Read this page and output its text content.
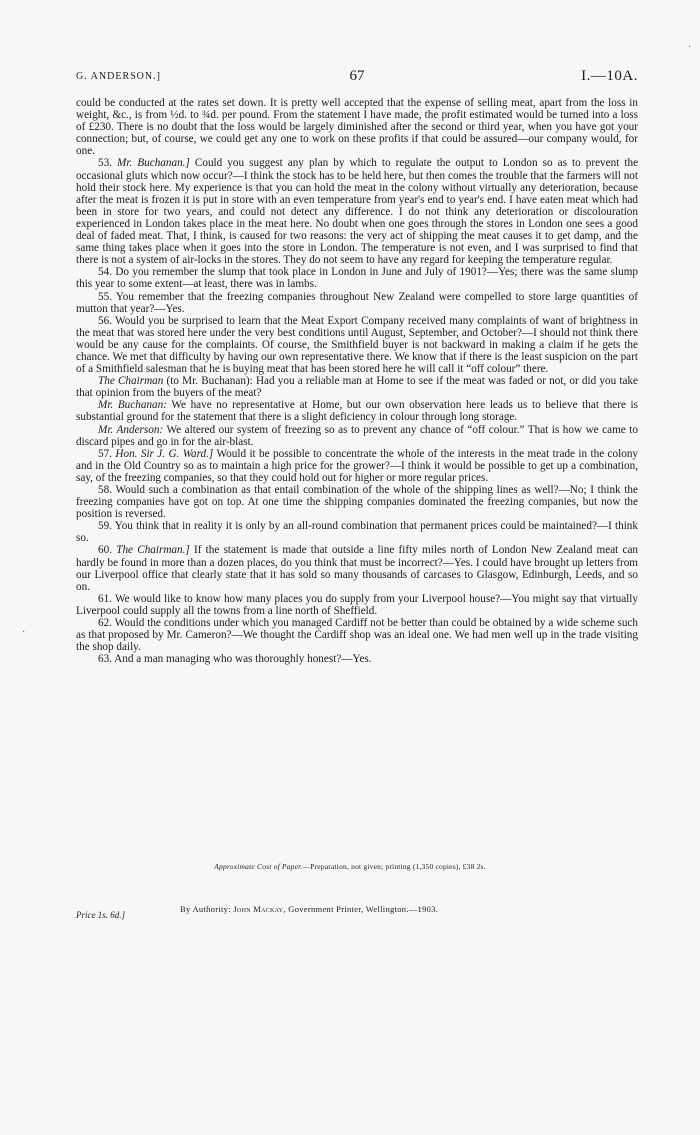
G. ANDERSON.]	67	I.—10A.

could be conducted at the rates set down. It is pretty well accepted that the expense of selling meat, apart from the loss in weight, &c., is from ½d. to ¾d. per pound. From the statement I have made, the profit estimated would be turned into a loss of £230. There is no doubt that the loss would be largely diminished after the second or third year, when you have got your connection; but, of course, we could get any one to work on these profits if that could be assured—our company would, for one.

53. Mr. Buchanan.] Could you suggest any plan by which to regulate the output to London so as to prevent the occasional gluts which now occur?—I think the stock has to be held here, but then comes the trouble that the farmers will not hold their stock here. My experience is that you can hold the meat in the colony without virtually any deterioration, because after the meat is frozen it is put in store with an even temperature from year's end to year's end. I have eaten meat which had been in store for two years, and could not detect any difference. I do not think any deterioration or discolouration experienced in London takes place in the meat here. No doubt when one goes through the stores in London one sees a good deal of faded meat. That, I think, is caused for two reasons: the very act of shipping the meat causes it to get damp, and the same thing takes place when it goes into the store in London. The temperature is not even, and I was surprised to find that there is not a system of air-locks in the stores. They do not seem to have any regard for keeping the temperature regular.

54. Do you remember the slump that took place in London in June and July of 1901?—Yes; there was the same slump this year to some extent—at least, there was in lambs.

55. You remember that the freezing companies throughout New Zealand were compelled to store large quantities of mutton that year?—Yes.

56. Would you be surprised to learn that the Meat Export Company received many complaints of want of brightness in the meat that was stored here under the very best conditions until August, September, and October?—I should not think there would be any cause for the complaints. Of course, the Smithfield buyer is not backward in making a claim if he gets the chance. We met that difficulty by having our own representative there. We know that if there is the least suspicion on the part of a Smithfield salesman that he is buying meat that has been stored here he will call it “off colour” there.

The Chairman (to Mr. Buchanan): Had you a reliable man at Home to see if the meat was faded or not, or did you take that opinion from the buyers of the meat?

Mr. Buchanan: We have no representative at Home, but our own observation here leads us to believe that there is substantial ground for the statement that there is a slight deficiency in colour through long storage.

Mr. Anderson: We altered our system of freezing so as to prevent any chance of “off colour.” That is how we came to discard pipes and go in for the air-blast.

57. Hon. Sir J. G. Ward.] Would it be possible to concentrate the whole of the interests in the meat trade in the colony and in the Old Country so as to maintain a high price for the grower?—I think it would be possible to get up a combination, say, of the freezing companies, so that they could hold out for higher or more regular prices.

58. Would such a combination as that entail combination of the whole of the shipping lines as well?—No; I think the freezing companies have got on top. At one time the shipping companies dominated the freezing companies, but now the position is reversed.

59. You think that in reality it is only by an all-round combination that permanent prices could be maintained?—I think so.

60. The Chairman.] If the statement is made that outside a line fifty miles north of London New Zealand meat can hardly be found in more than a dozen places, do you think that must be incorrect?—Yes. I could have brought up letters from our Liverpool office that clearly state that it has sold so many thousands of carcases to Glasgow, Edinburgh, Leeds, and so on.

61. We would like to know how many places you do supply from your Liverpool house?—You might say that virtually Liverpool could supply all the towns from a line north of Sheffield.

62. Would the conditions under which you managed Cardiff not be better than could be obtained by a wide scheme such as that proposed by Mr. Cameron?—We thought the Cardiff shop was an ideal one. We had men well up in the trade visiting the shop daily.

63. And a man managing who was thoroughly honest?—Yes.

Approximate Cost of Paper.—Preparation, not given; printing (1,350 copies), £38 2s.
Price 1s. 6d.]
By Authority: John Mackay, Government Printer, Wellington.—1903.
·
·
